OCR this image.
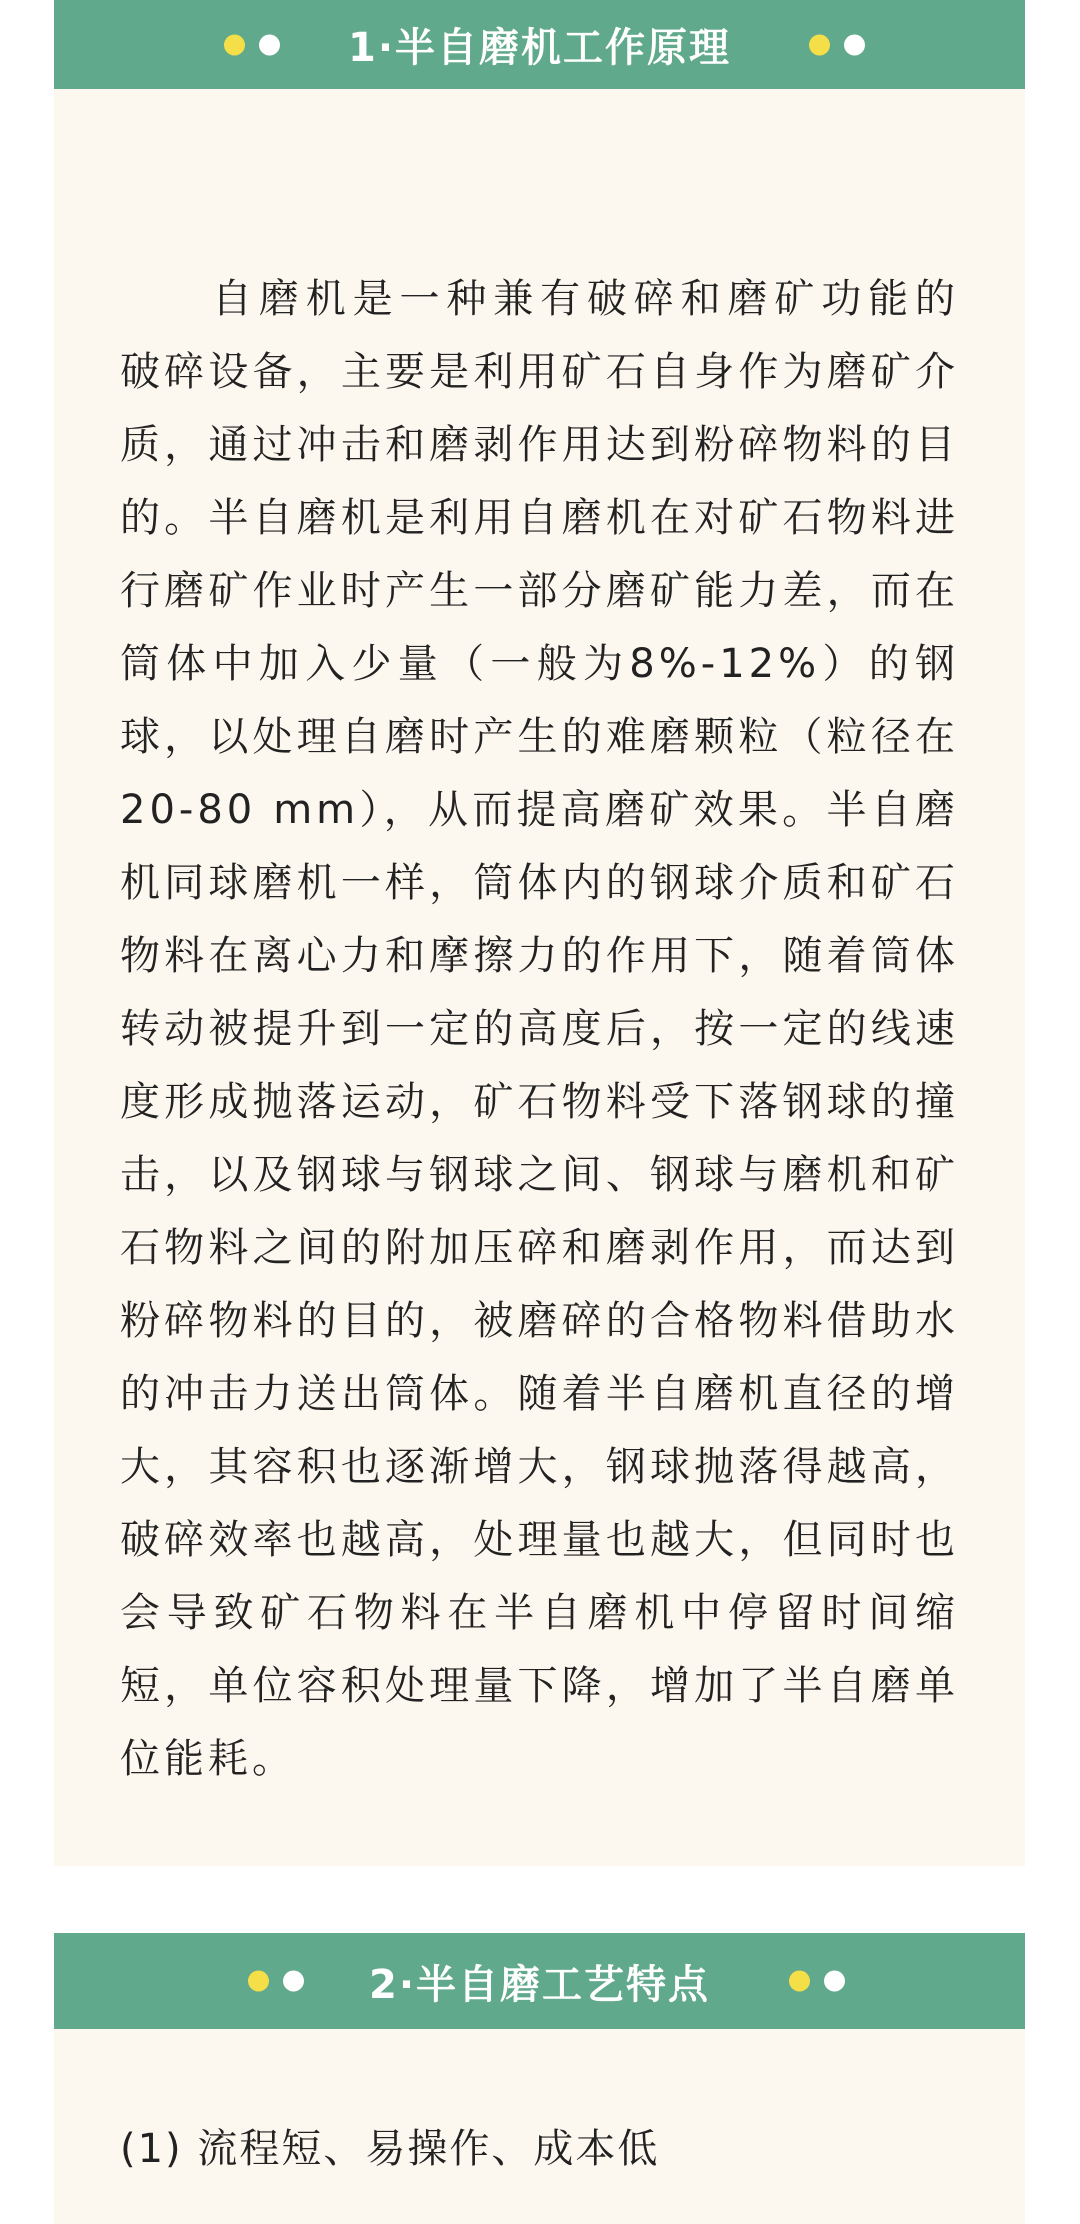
1·半自磨机工作原理

自磨机是一种兼有破碎和磨矿功能的破碎设备，主要是利用矿石自身作为磨矿介质，通过冲击和磨剥作用达到粉碎物料的目的。半自磨机是利用自磨机在对矿石物料进行磨矿作业时产生一部分磨矿能力差，而在筒体中加入少量（一般为8%-12%）的钢球，以处理自磨时产生的难磨颗粒（粒径在 20-80 mm），从而提高磨矿效果。半自磨机同球磨机一样，筒体内的钢球介质和矿石物料在离心力和摩擦力的作用下，随着筒体转动被提升到一定的高度后，按一定的线速度形成抛落运动，矿石物料受下落钢球的撞击，以及钢球与钢球之间、钢球与磨机和矿石物料之间的附加压碎和磨剥作用，而达到粉碎物料的目的，被磨碎的合格物料借助水的冲击力送出筒体。随着半自磨机直径的增大，其容积也逐渐增大，钢球抛落得越高，破碎效率也越高，处理量也越大，但同时也会导致矿石物料在半自磨机中停留时间缩短，单位容积处理量下降，增加了半自磨单位能耗。

2·半自磨工艺特点

(1) 流程短、易操作、成本低
